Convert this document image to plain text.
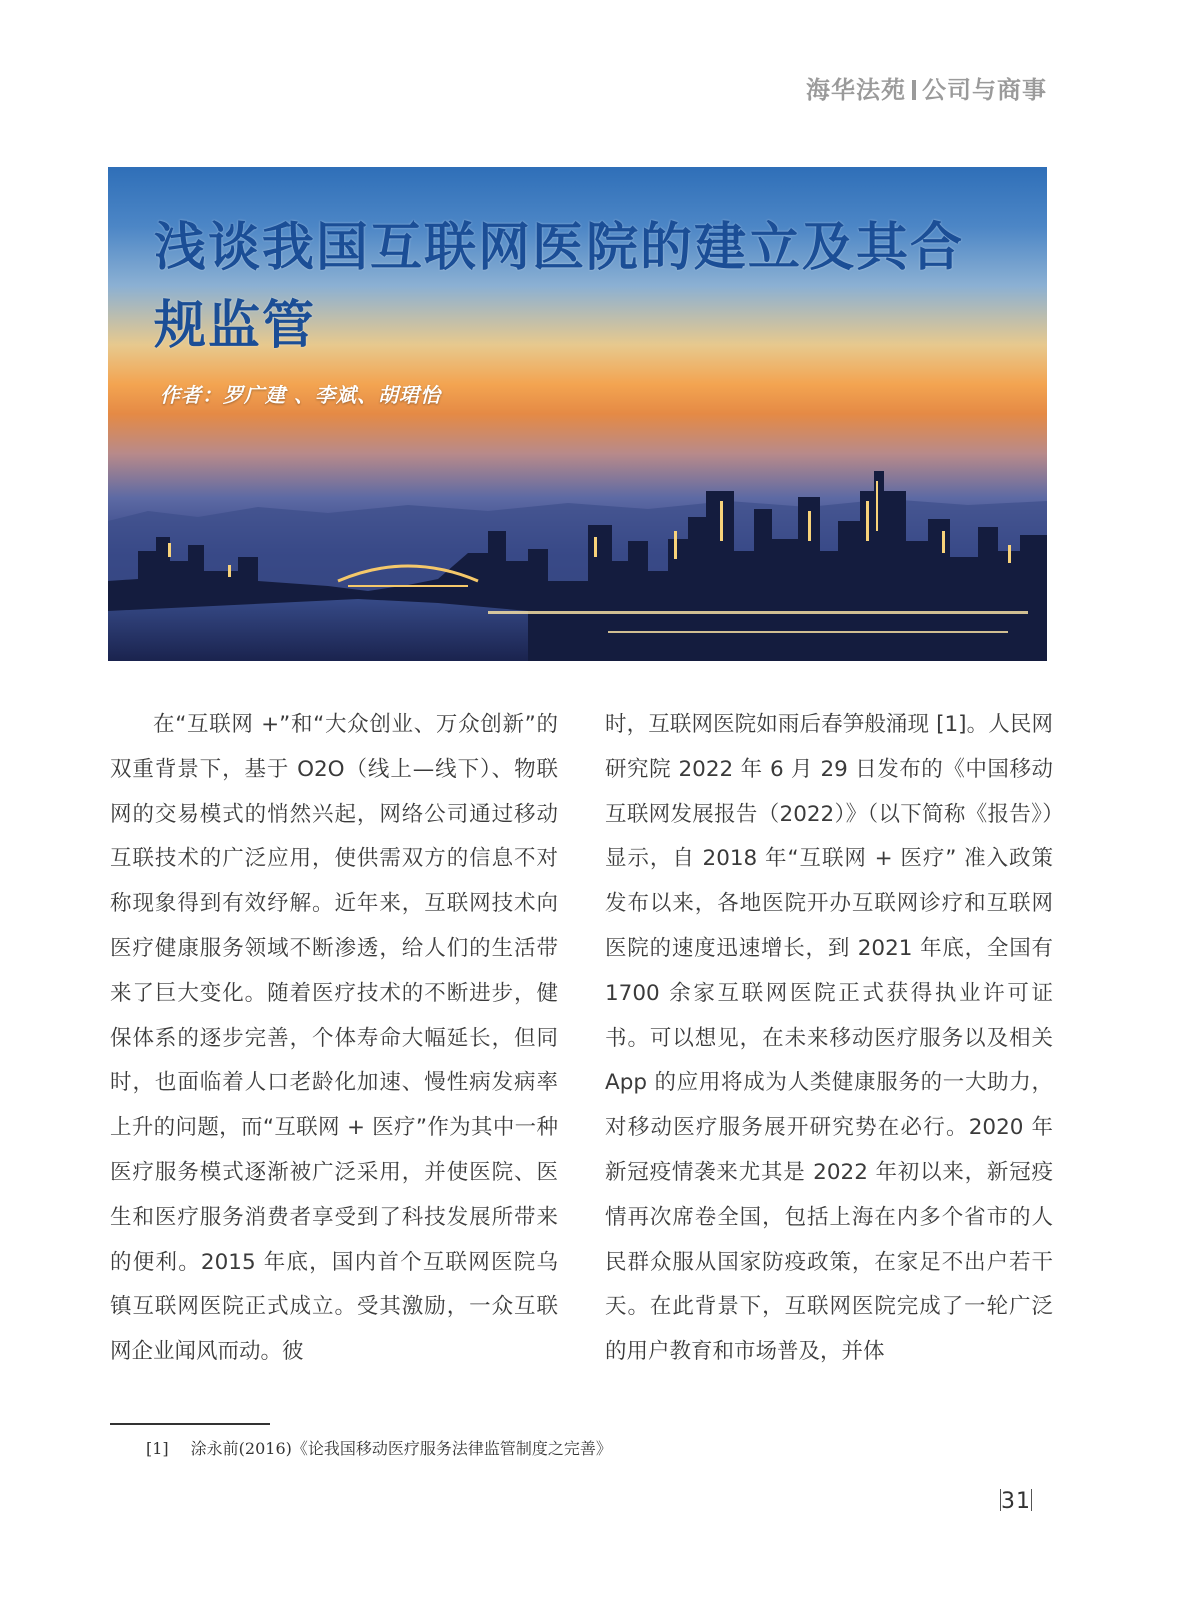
海华法苑 公司与商事
浅谈我国互联网医院的建立及其合规监管
作者：罗广建 、李斌、胡珺怡

在“互联网 +”和“大众创业、万众创新”的双重背景下，基于 O2O（线上—线下）、物联网的交易模式的悄然兴起，网络公司通过移动互联技术的广泛应用，使供需双方的信息不对称现象得到有效纾解。近年来，互联网技术向医疗健康服务领域不断渗透，给人们的生活带来了巨大变化。随着医疗技术的不断进步，健保体系的逐步完善，个体寿命大幅延长，但同时，也面临着人口老龄化加速、慢性病发病率上升的问题，而“互联网 + 医疗”作为其中一种医疗服务模式逐渐被广泛采用，并使医院、医生和医疗服务消费者享受到了科技发展所带来的便利。2015 年底，国内首个互联网医院乌镇互联网医院正式成立。受其激励，一众互联网企业闻风而动。彼

时，互联网医院如雨后春笋般涌现 [1]。人民网研究院 2022 年 6 月 29 日发布的《中国移动互联网发展报告（2022）》（以下简称《报告》）显示，自 2018 年“互联网 + 医疗” 准入政策发布以来，各地医院开办互联网诊疗和互联网医院的速度迅速增长，到 2021 年底，全国有 1700 余家互联网医院正式获得执业许可证书。可以想见，在未来移动医疗服务以及相关 App 的应用将成为人类健康服务的一大助力，对移动医疗服务展开研究势在必行。2020 年新冠疫情袭来尤其是 2022 年初以来，新冠疫情再次席卷全国，包括上海在内多个省市的人民群众服从国家防疫政策，在家足不出户若干天。在此背景下，互联网医院完成了一轮广泛的用户教育和市场普及，并体

[1] 涂永前(2016)《论我国移动医疗服务法律监管制度之完善》
31
